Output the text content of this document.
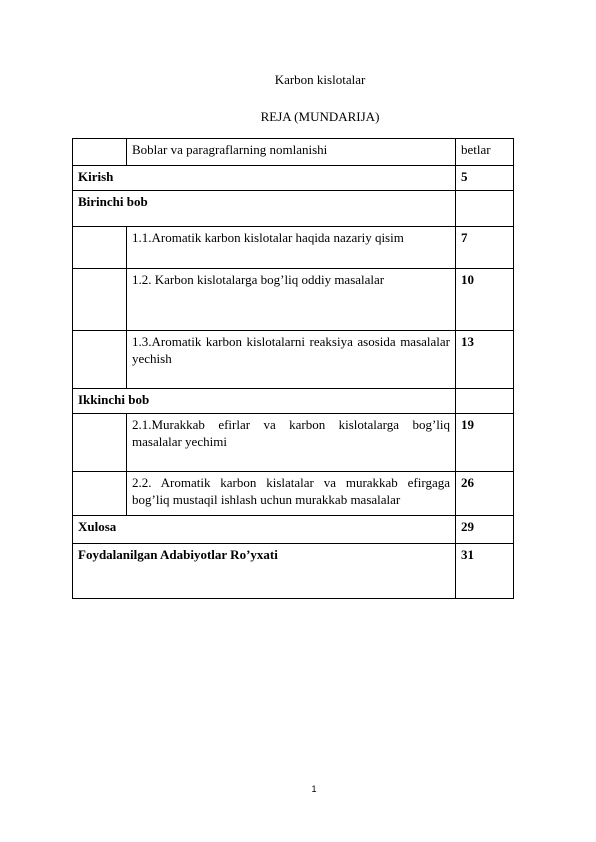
Karbon kislotalar
REJA (MUNDARIJA)
	Boblar va paragraflarning nomlanishi	betlar
Kirish		5
Birinchi bob		
	1.1.Aromatik karbon kislotalar haqida nazariy qisim	7
	1.2. Karbon kislotalarga bog’liq oddiy masalalar	10
	1.3.Aromatik karbon kislotalarni reaksiya asosida masalalar yechish	13
Ikkinchi bob		
	2.1.Murakkab efirlar va karbon kislotalarga bog’liq masalalar yechimi	19
	2.2. Aromatik karbon kislatalar va murakkab efirgaga bog’liq mustaqil ishlash uchun murakkab masalalar	26
Xulosa		29
Foydalanilgan Adabiyotlar Ro’yxati		31
1
